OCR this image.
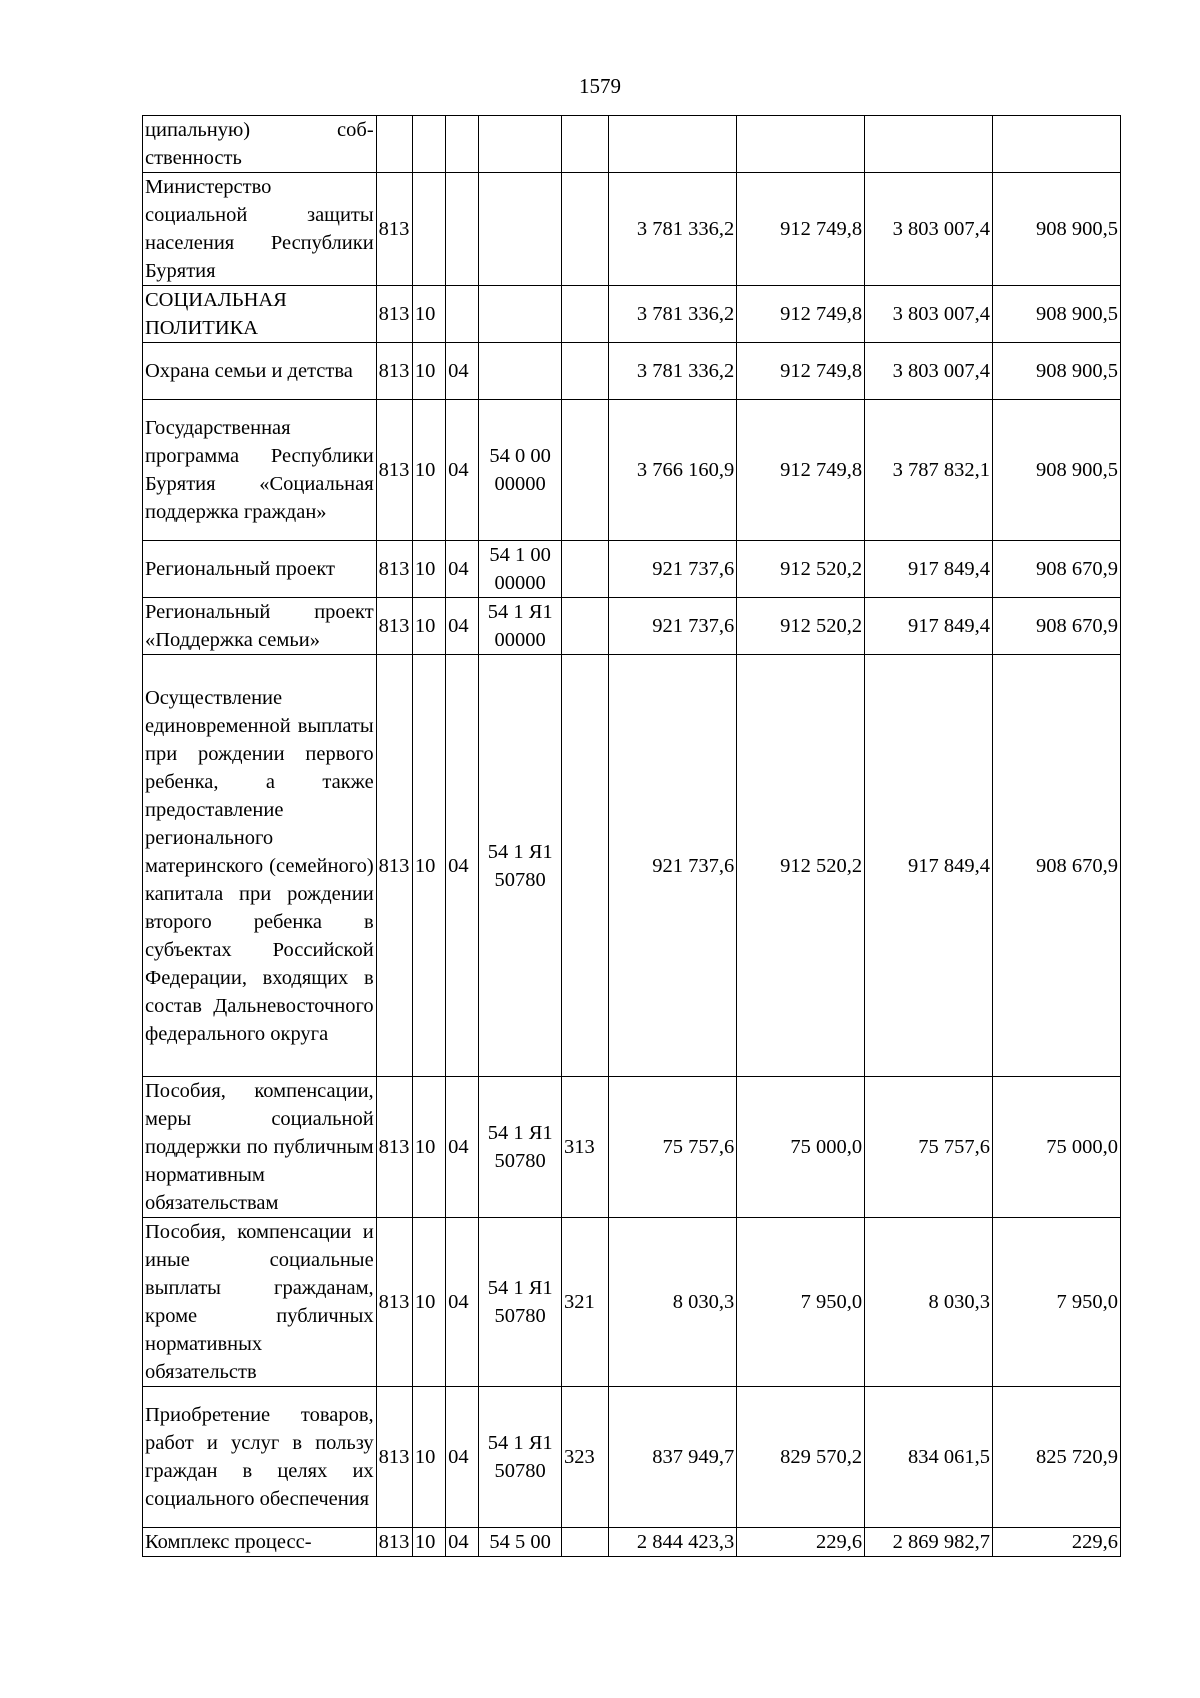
1579
ципальную) соб-ственность									
Министерство социальной защиты населения Республики Бурятия	813					3 781 336,2	912 749,8	3 803 007,4	908 900,5
СОЦИАЛЬНАЯ ПОЛИТИКА	813	10				3 781 336,2	912 749,8	3 803 007,4	908 900,5
Охрана семьи и детства	813	10	04			3 781 336,2	912 749,8	3 803 007,4	908 900,5
Государственная программа Республики Бурятия «Социальная поддержка граждан»	813	10	04	54 0 00 00000		3 766 160,9	912 749,8	3 787 832,1	908 900,5
Региональный проект	813	10	04	54 1 00 00000		921 737,6	912 520,2	917 849,4	908 670,9
Региональный проект «Поддержка семьи»	813	10	04	54 1 Я1 00000		921 737,6	912 520,2	917 849,4	908 670,9
Осуществление единовременной выплаты при рождении первого ребенка, а также предоставление регионального материнского (семейного) капитала при рождении второго ребенка в субъектах Российской Федерации, входящих в состав Дальневосточного федерального округа	813	10	04	54 1 Я1 50780		921 737,6	912 520,2	917 849,4	908 670,9
Пособия, компенсации, меры социальной поддержки по публичным нормативным обязательствам	813	10	04	54 1 Я1 50780	313	75 757,6	75 000,0	75 757,6	75 000,0
Пособия, компенсации и иные социальные выплаты гражданам, кроме публичных нормативных обязательств	813	10	04	54 1 Я1 50780	321	8 030,3	7 950,0	8 030,3	7 950,0
Приобретение товаров, работ и услуг в пользу граждан в целях их социального обеспечения	813	10	04	54 1 Я1 50780	323	837 949,7	829 570,2	834 061,5	825 720,9
Комплекс процесс-	813	10	04	54 5 00		2 844 423,3	229,6	2 869 982,7	229,6
